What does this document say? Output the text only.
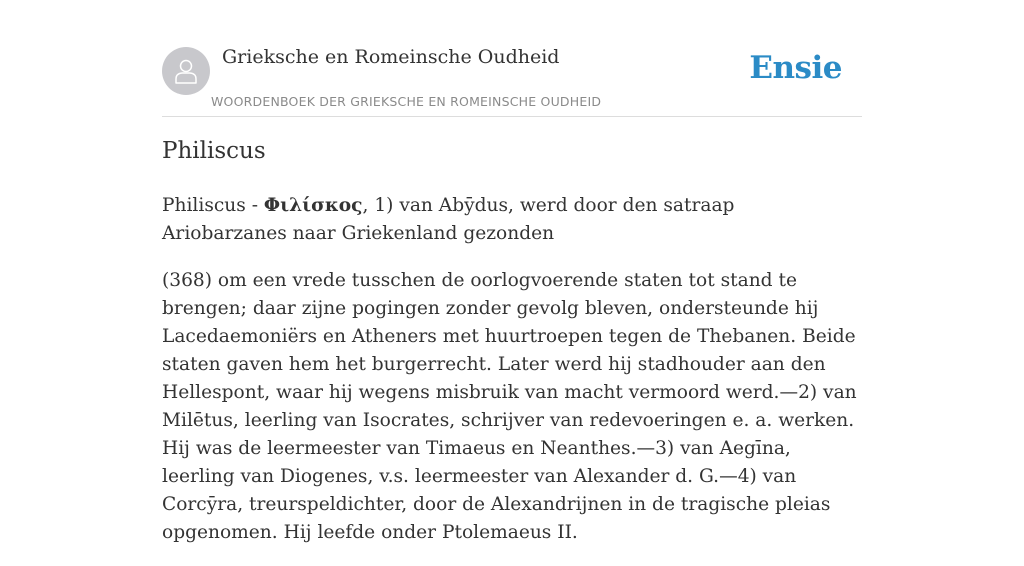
Grieksche en Romeinsche Oudheid
WOORDENBOEK DER GRIEKSCHE EN ROMEINSCHE OUDHEID
Ensie
Philiscus

Philiscus - Φιλίσκος, 1) van Abȳdus, werd door den satraap Ariobarzanes naar Griekenland gezonden

(368) om een vrede tusschen de oorlogvoerende staten tot stand te brengen; daar zijne pogingen zonder gevolg bleven, ondersteunde hij Lacedaemoniërs en Atheners met huurtroepen tegen de Thebanen. Beide staten gaven hem het burgerrecht. Later werd hij stadhouder aan den Hellespont, waar hij wegens misbruik van macht vermoord werd.—2) van Milētus, leerling van Isocrates, schrijver van redevoeringen e. a. werken. Hij was de leermeester van Timaeus en Neanthes.—3) van Aegīna, leerling van Diogenes, v.s. leermeester van Alexander d. G.—4) van Corcȳra, treurspeldichter, door de Alexandrijnen in de tragische pleias opgenomen. Hij leefde onder Ptolemaeus II.
